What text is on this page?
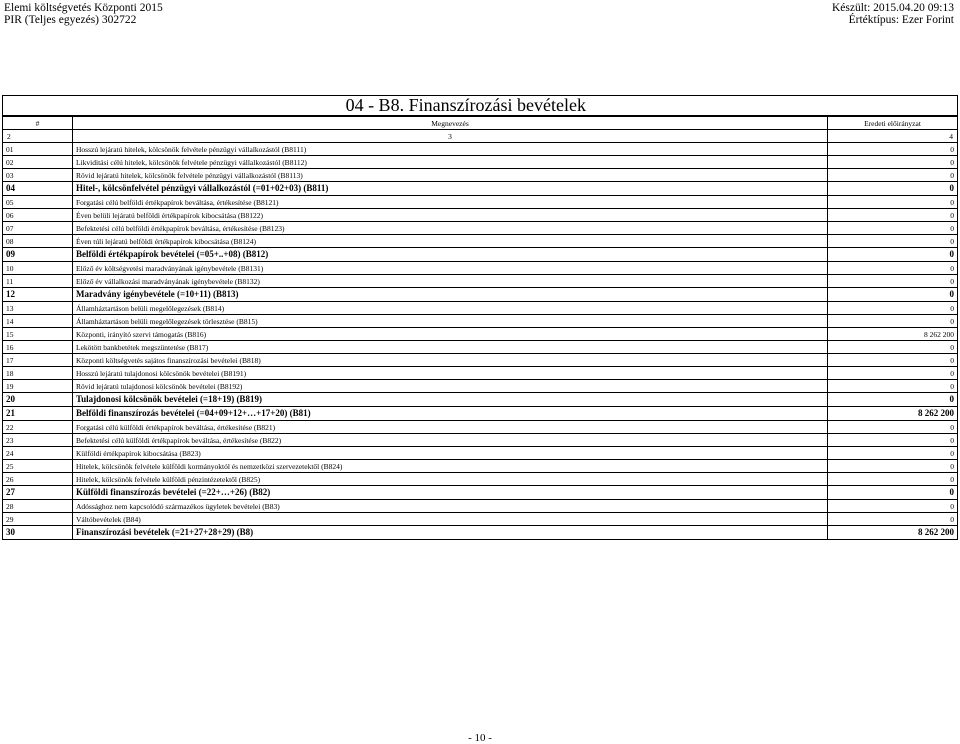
Elemi költségvetés Központi 2015
PIR (Teljes egyezés) 302722
Készült: 2015.04.20 09:13
Értéktípus: Ezer Forint
04 - B8. Finanszírozási bevételek
#	Megnevezés	Eredeti előirányzat
2	3	4
01	Hosszú lejáratú hitelek, kölcsönök felvétele pénzügyi vállalkozástól (B8111)	0
02	Likviditási célú hitelek, kölcsönök felvétele pénzügyi vállalkozástól (B8112)	0
03	Rövid lejáratú hitelek, kölcsönök felvétele pénzügyi vállalkozástól (B8113)	0
04	Hitel-, kölcsönfelvétel pénzügyi vállalkozástól (=01+02+03) (B811)	0
05	Forgatási célú belföldi értékpapírok beváltása, értékesítése (B8121)	0
06	Éven belüli lejáratú belföldi értékpapírok kibocsátása (B8122)	0
07	Befektetési célú belföldi értékpapírok beváltása, értékesítése (B8123)	0
08	Éven túli lejáratú belföldi értékpapírok kibocsátása (B8124)	0
09	Belföldi értékpapírok bevételei (=05+..+08) (B812)	0
10	Előző év költségvetési maradványának igénybevétele (B8131)	0
11	Előző év vállalkozási maradványának igénybevétele (B8132)	0
12	Maradvány igénybevétele (=10+11) (B813)	0
13	Államháztartáson belüli megelőlegezések (B814)	0
14	Államháztartáson belüli megelőlegezések törlesztése (B815)	0
15	Központi, irányító szervi támogatás (B816)	8 262 200
16	Lekötött bankbetétek megszüntetése (B817)	0
17	Központi költségvetés sajátos finanszírozási bevételei (B818)	0
18	Hosszú lejáratú tulajdonosi kölcsönök bevételei (B8191)	0
19	Rövid lejáratú tulajdonosi kölcsönök bevételei (B8192)	0
20	Tulajdonosi kölcsönök bevételei (=18+19) (B819)	0
21	Belföldi finanszírozás bevételei (=04+09+12+…+17+20) (B81)	8 262 200
22	Forgatási célú külföldi értékpapírok beváltása, értékesítése (B821)	0
23	Befektetési célú külföldi értékpapírok beváltása, értékesítése (B822)	0
24	Külföldi értékpapírok kibocsátása (B823)	0
25	Hitelek, kölcsönök felvétele külföldi kormányoktól és nemzetközi szervezetektől (B824)	0
26	Hitelek, kölcsönök felvétele külföldi pénzintézetektől (B825)	0
27	Külföldi finanszírozás bevételei (=22+…+26) (B82)	0
28	Adóssághoz nem kapcsolódó származékos ügyletek bevételei (B83)	0
29	Váltóbevételek (B84)	0
30	Finanszírozási bevételek (=21+27+28+29) (B8)	8 262 200
- 10 -
